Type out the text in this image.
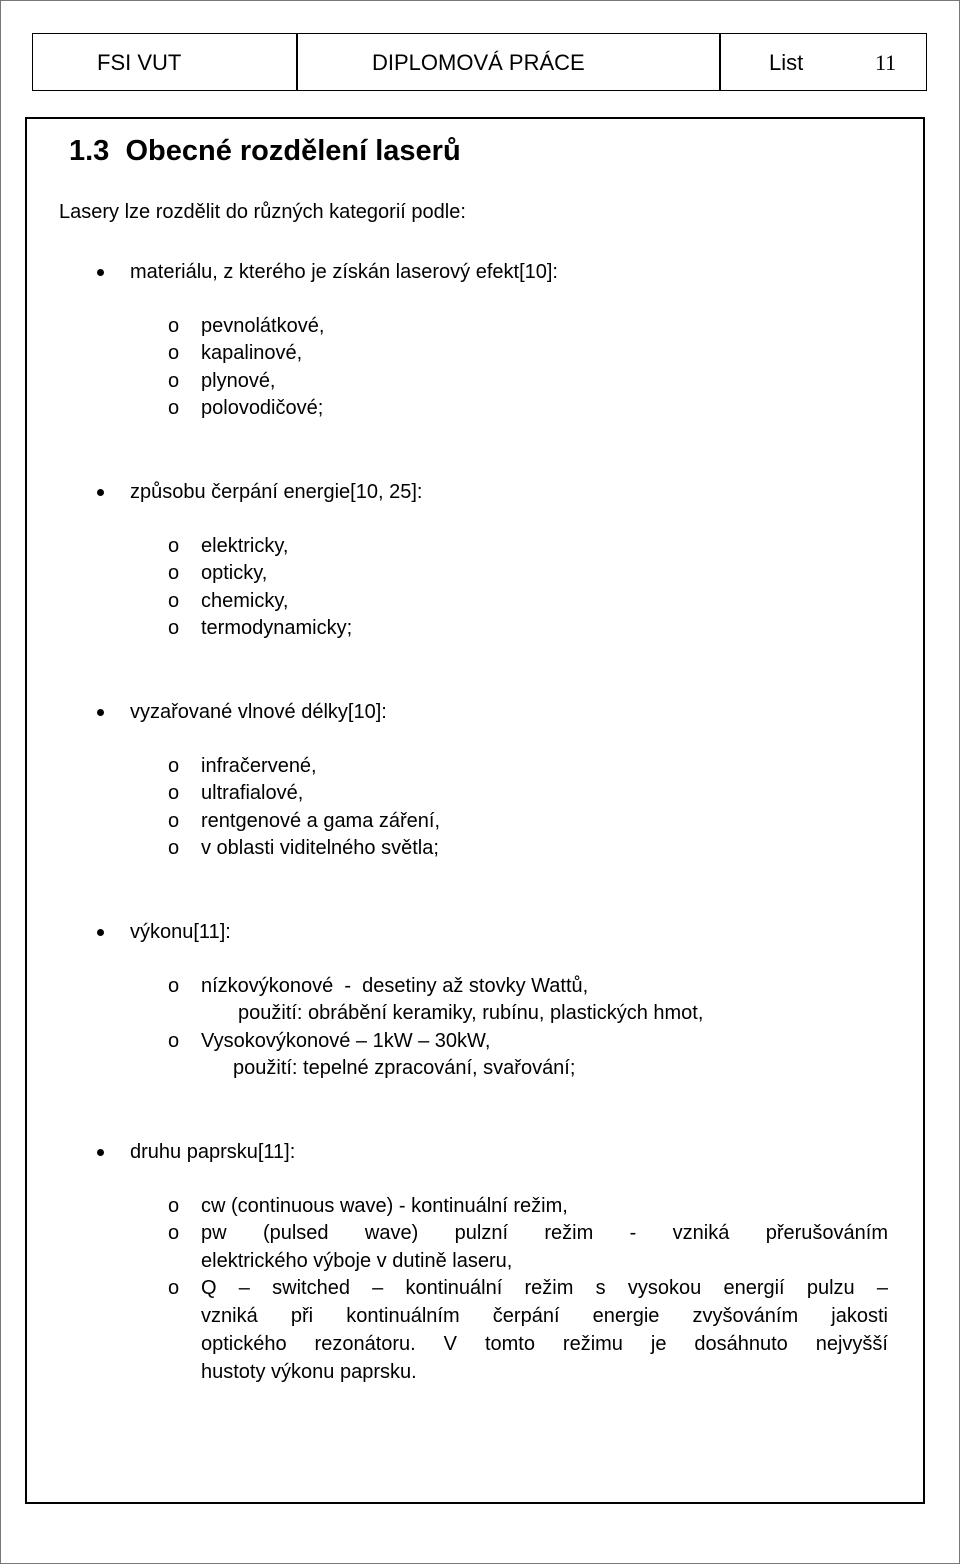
FSI VUT	DIPLOMOVÁ PRÁCE	List	11
1.3 Obecné rozdělení laserů
Lasery lze rozdělit do různých kategorií podle:
materiálu, z kterého je získán laserový efekt[10]:
o pevnolátkové,
o kapalinové,
o plynové,
o polovodičové;
způsobu čerpání energie[10, 25]:
o elektricky,
o opticky,
o chemicky,
o termodynamicky;
vyzařované vlnové délky[10]:
o infračervené,
o ultrafialové,
o rentgenové a gama záření,
o v oblasti viditelného světla;
výkonu[11]:
o nízkovýkonové  -  desetiny až stovky Wattů,
použití: obrábění keramiky, rubínu, plastických hmot,
o Vysokovýkonové – 1kW – 30kW,
použití: tepelné zpracování, svařování;
druhu paprsku[11]:
o cw (continuous wave) - kontinuální režim,
o pw (pulsed wave) pulzní režim - vzniká přerušováním
elektrického výboje v dutině laseru,
o Q – switched – kontinuální režim s vysokou energií pulzu –
vzniká při kontinuálním čerpání energie zvyšováním jakosti
optického rezonátoru. V tomto režimu je dosáhnuto nejvyšší
hustoty výkonu paprsku.
